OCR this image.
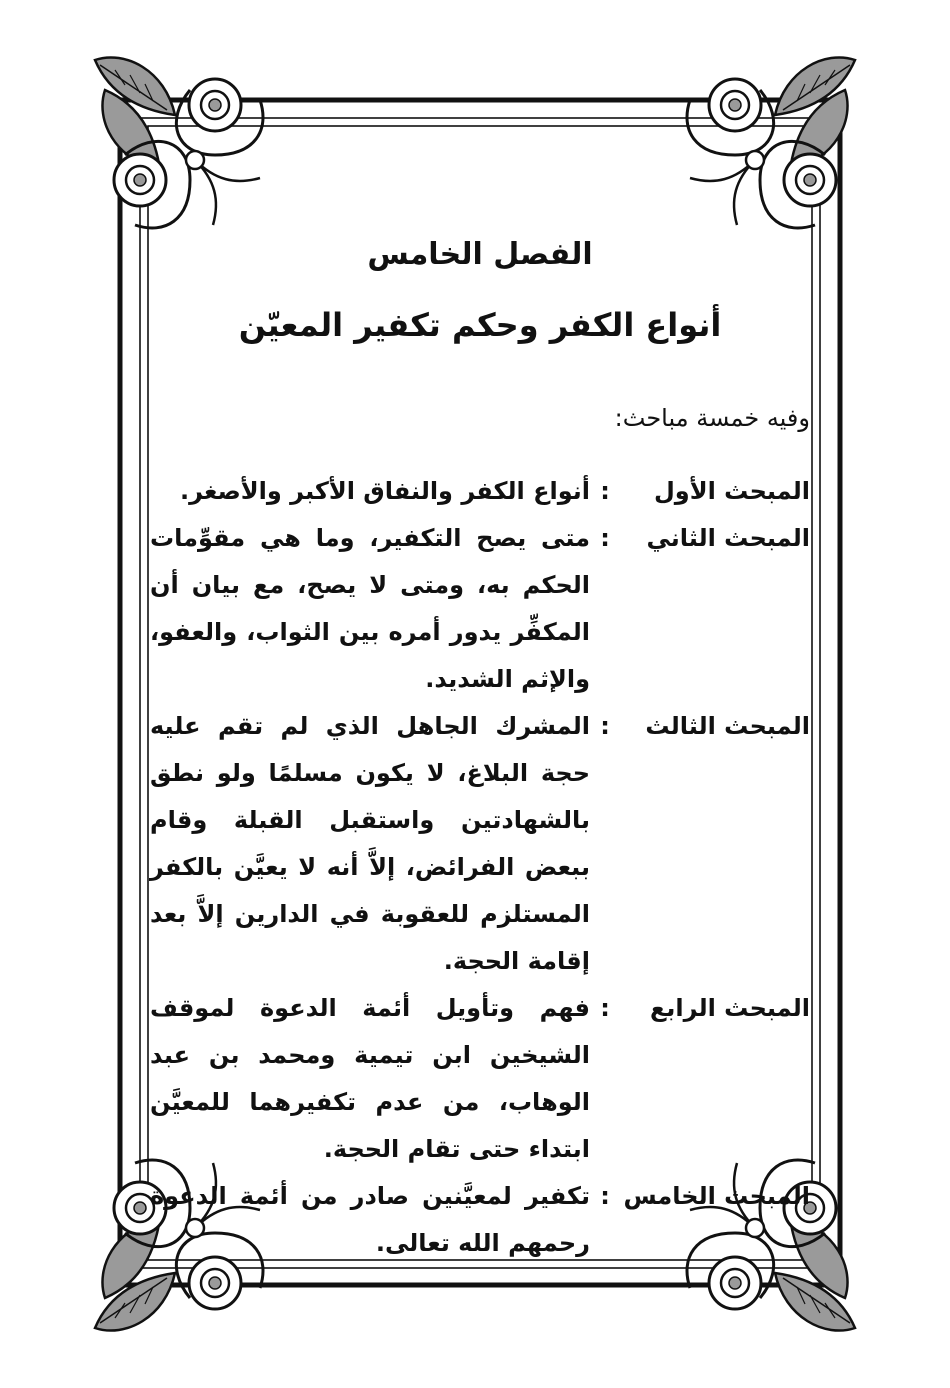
الفصل الخامس
أنواع الكفر وحكم تكفير المعيّن

وفيه خمسة مباحث:

المبحث الأول
:
أنواع الكفر والنفاق الأكبر والأصغر.
المبحث الثاني
:
متى يصح التكفير، وما هي مقوِّمات الحكم به، ومتى لا يصح، مع بيان أن المكفِّر يدور أمره بين الثواب، والعفو، والإثم الشديد.
المبحث الثالث
:
المشرك الجاهل الذي لم تقم عليه حجة البلاغ، لا يكون مسلمًا ولو نطق بالشهادتين واستقبل القبلة وقام ببعض الفرائض، إلاَّ أنه لا يعيَّن بالكفر المستلزم للعقوبة في الدارين إلاَّ بعد إقامة الحجة.
المبحث الرابع
:
فهم وتأويل أئمة الدعوة لموقف الشيخين ابن تيمية ومحمد بن عبد الوهاب، من عدم تكفيرهما للمعيَّن ابتداء حتى تقام الحجة.
المبحث الخامس
:
تكفير لمعيَّنين صادر من أئمة الدعوة رحمهم الله تعالى.
